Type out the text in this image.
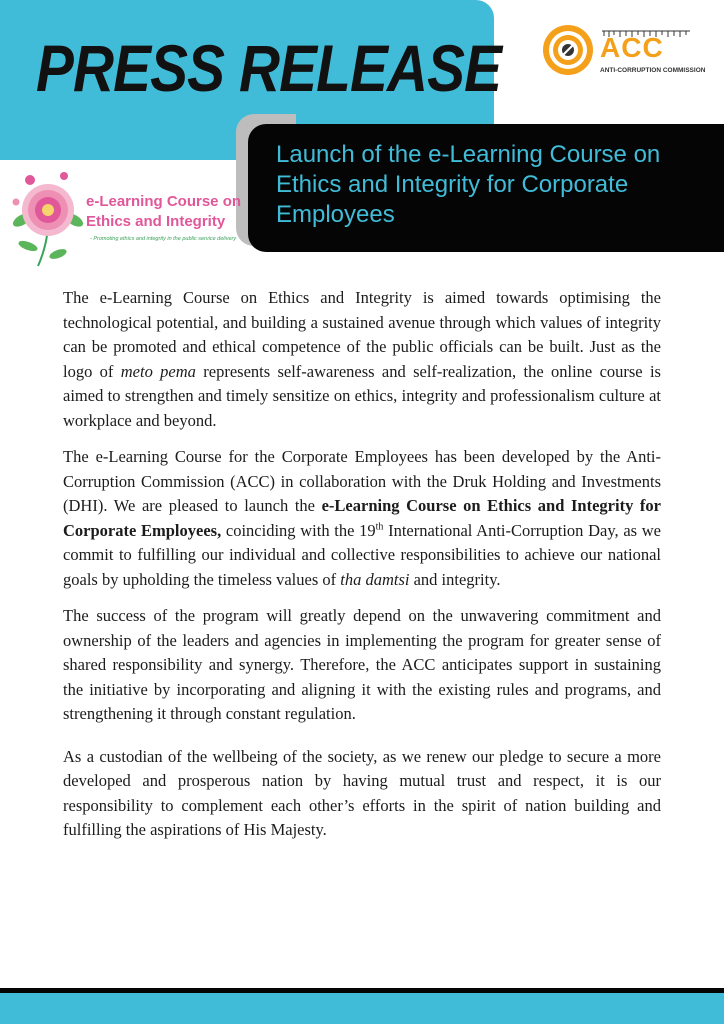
PRESS RELEASE	ACC
ANTI-CORRUPTION COMMISSION
Launch of the e-Learning Course on Ethics and Integrity for Corporate Employees
e-Learning Course on
Ethics and Integrity
- Promoting ethics and integrity in the public service delivery

The e-Learning Course on Ethics and Integrity is aimed towards optimising the technological potential, and building a sustained avenue through which values of integrity can be promoted and ethical competence of the public officials can be built. Just as the logo of meto pema represents self-awareness and self-realization, the online course is aimed to strengthen and timely sensitize on ethics, integrity and professionalism culture at workplace and beyond.

The e-Learning Course for the Corporate Employees has been developed by the Anti- Corruption Commission (ACC) in collaboration with the Druk Holding and Investments (DHI). We are pleased to launch the e-Learning Course on Ethics and Integrity for Corporate Employees, coinciding with the 19th International Anti-Corruption Day, as we commit to fulfilling our individual and collective responsibilities to achieve our national goals by upholding the timeless values of tha damtsi and integrity.

The success of the program will greatly depend on the unwavering commitment and ownership of the leaders and agencies in implementing the program for greater sense of shared responsibility and synergy. Therefore, the ACC anticipates support in sustaining the initiative by incorporating and aligning it with the existing rules and programs, and strengthening it through constant regulation.

As a custodian of the wellbeing of the society, as we renew our pledge to secure a more developed and prosperous nation by having mutual trust and respect, it is our responsibility to complement each other’s efforts in the spirit of nation building and fulfilling the aspirations of His Majesty.
